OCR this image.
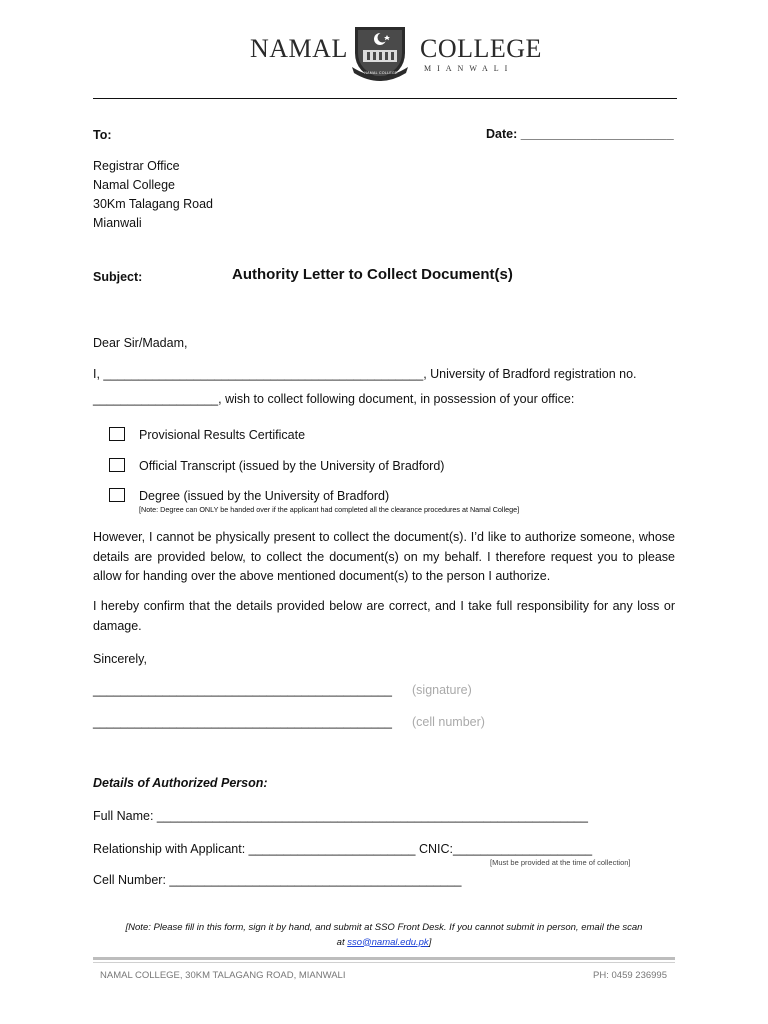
NAMAL
NAMAL COLLEGE
COLLEGE
MIANWALI
To:	Date: ______________________
Registrar Office
Namal College
30Km Talagang Road
Mianwali
Subject:	Authority Letter to Collect Document(s)
Dear Sir/Madam,
I, ______________________________________________, University of Bradford registration no.
__________________, wish to collect following document, in possession of your office:
Provisional Results Certificate
Official Transcript (issued by the University of Bradford)
Degree (issued by the University of Bradford)
[Note: Degree can ONLY be handed over if the applicant had completed all the clearance procedures at Namal College]
However, I cannot be physically present to collect the document(s). I’d like to authorize someone, whose details are provided below, to collect the document(s) on my behalf. I therefore request you to please allow for handing over the above mentioned document(s) to the person I authorize.
I hereby confirm that the details provided below are correct, and I take full responsibility for any loss or damage.
Sincerely,
___________________________________________ (signature)
___________________________________________ (cell number)
Details of Authorized Person:
Full Name: ______________________________________________________________
Relationship with Applicant: ________________________ CNIC:____________________
[Must be provided at the time of collection]
Cell Number: __________________________________________
[Note: Please fill in this form, sign it by hand, and submit at SSO Front Desk. If you cannot submit in person, email the scan
at sso@namal.edu.pk]
NAMAL COLLEGE, 30KM TALAGANG ROAD, MIANWALI	PH: 0459 236995
